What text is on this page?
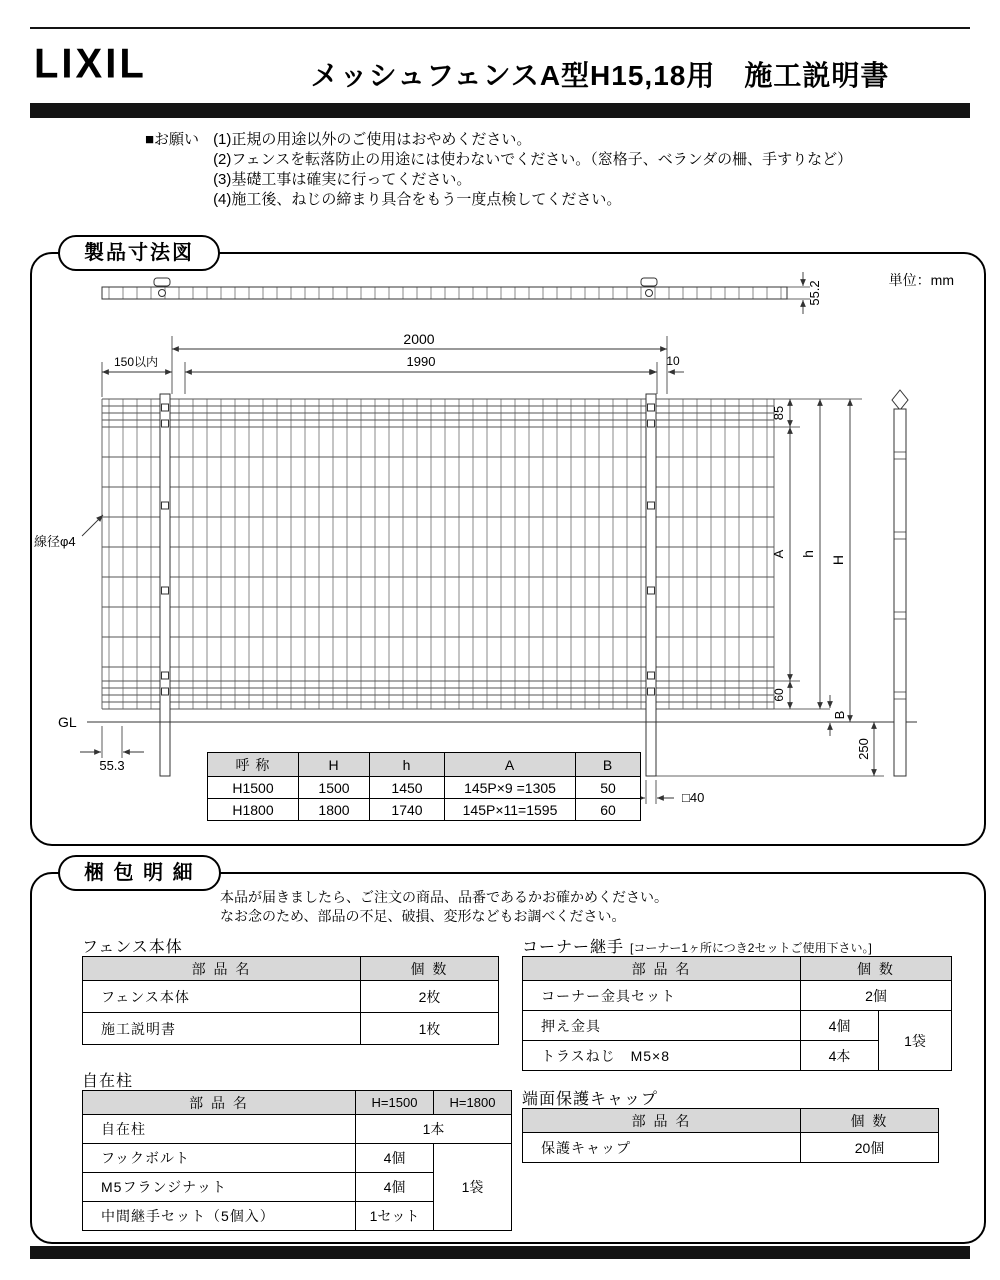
LIXIL	メッシュフェンスA型H15,18用　施工説明書
■お願い (1)正規の用途以外のご使用はおやめください。
(2)フェンスを転落防止の用途には使わないでください。（窓格子、ベランダの柵、手すりなど）
(3)基礎工事は確実に行ってください。
(4)施工後、ねじの締まり具合をもう一度点検してください。
製品寸法図
単位：mm
55.2
2000
150以内	1990	10
GL
線径φ4
55.3
85
A
60
h
B
H
250
□40
呼 称	H	h	A	B
H1500	1500	1450	145P×9 =1305	50
H1800	1800	1740	145P×11=1595	60
梱 包 明 細
本品が届きましたら、ご注文の商品、品番であるかお確かめください。
なお念のため、部品の不足、破損、変形などもお調べください。
フェンス本体
部 品 名	個 数
フェンス本体	2枚
施工説明書	1枚
自在柱
部 品 名	H=1500	H=1800
自在柱	1本	
フックボルト	4個	1袋
M5フランジナット	4個	
中間継手セット（5個入）	1セット	
コーナー継手 [コーナー1ヶ所につき2セットご使用下さい。]
部 品 名	個 数	
コーナー金具セット	2個	
押え金具	4個	1袋
トラスねじ　M5×8	4本	
端面保護キャップ
部 品 名	個 数
保護キャップ	20個
